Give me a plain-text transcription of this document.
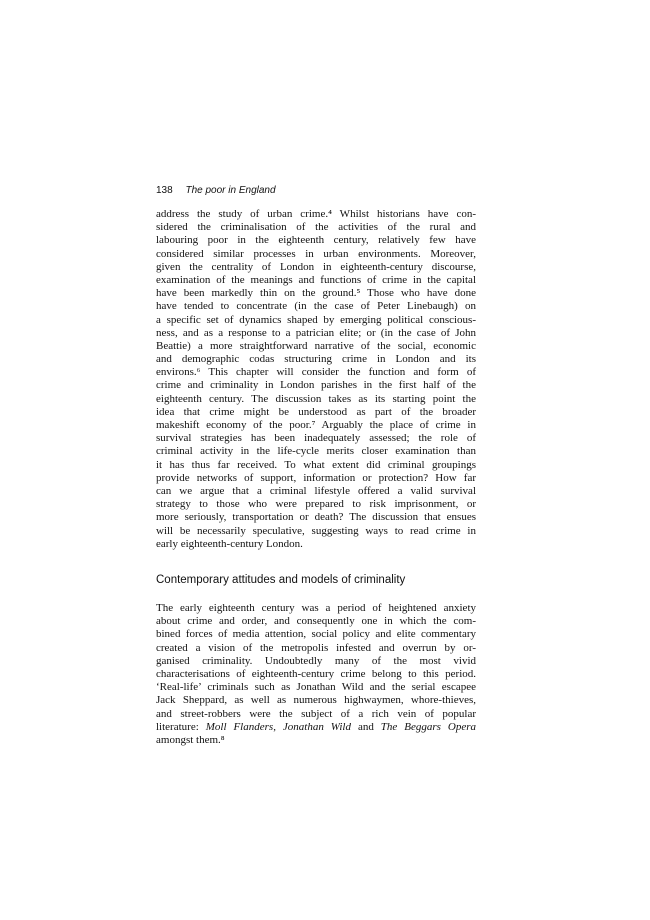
138 The poor in England
address the study of urban crime.⁴ Whilst historians have con-
sidered the criminalisation of the activities of the rural and
labouring poor in the eighteenth century, relatively few have
considered similar processes in urban environments. Moreover,
given the centrality of London in eighteenth-century discourse,
examination of the meanings and functions of crime in the capital
have been markedly thin on the ground.⁵ Those who have done
have tended to concentrate (in the case of Peter Linebaugh) on
a specific set of dynamics shaped by emerging political conscious-
ness, and as a response to a patrician elite; or (in the case of John
Beattie) a more straightforward narrative of the social, economic
and demographic codas structuring crime in London and its
environs.⁶ This chapter will consider the function and form of
crime and criminality in London parishes in the first half of the
eighteenth century. The discussion takes as its starting point the
idea that crime might be understood as part of the broader
makeshift economy of the poor.⁷ Arguably the place of crime in
survival strategies has been inadequately assessed; the role of
criminal activity in the life-cycle merits closer examination than
it has thus far received. To what extent did criminal groupings
provide networks of support, information or protection? How far
can we argue that a criminal lifestyle offered a valid survival
strategy to those who were prepared to risk imprisonment, or
more seriously, transportation or death? The discussion that ensues
will be necessarily speculative, suggesting ways to read crime in
early eighteenth-century London.
Contemporary attitudes and models of criminality
The early eighteenth century was a period of heightened anxiety
about crime and order, and consequently one in which the com-
bined forces of media attention, social policy and elite commentary
created a vision of the metropolis infested and overrun by or-
ganised criminality. Undoubtedly many of the most vivid
characterisations of eighteenth-century crime belong to this period.
‘Real-life’ criminals such as Jonathan Wild and the serial escapee
Jack Sheppard, as well as numerous highwaymen, whore-thieves,
and street-robbers were the subject of a rich vein of popular
literature: Moll Flanders, Jonathan Wild and The Beggars Opera
amongst them.⁸
